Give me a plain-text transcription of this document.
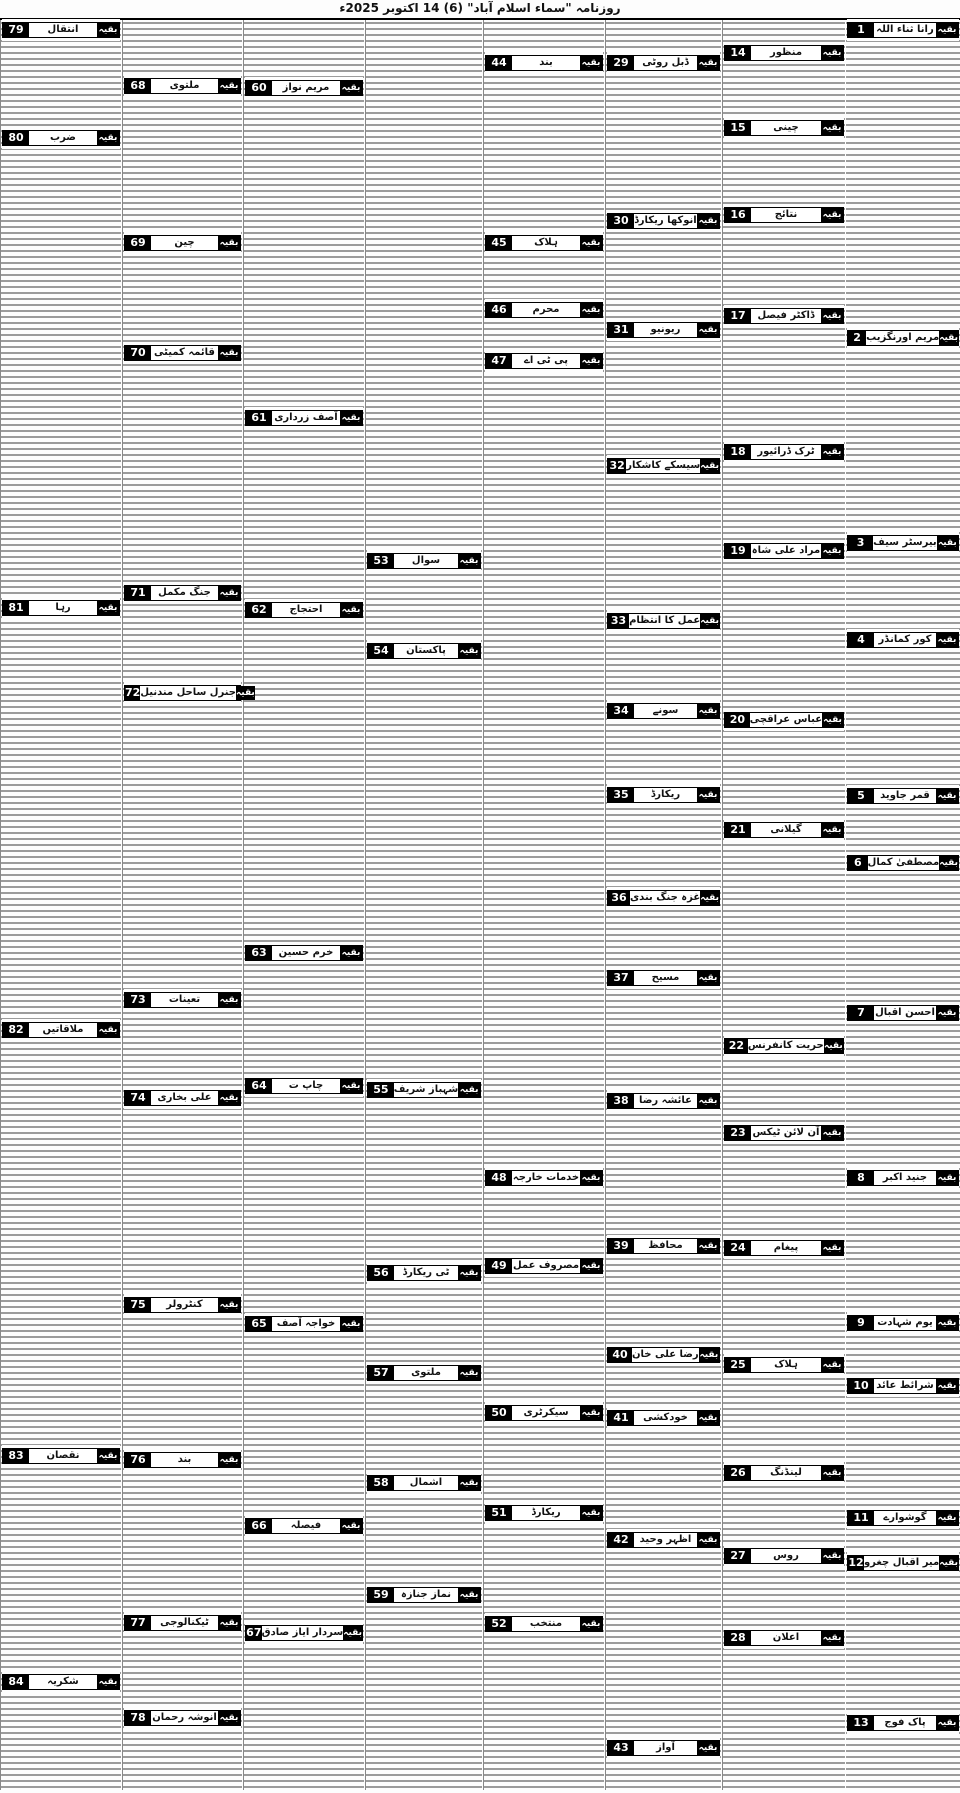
روزنامہ "سماء اسلام آباد" (6) 14 اکتوبر 2025ء
1	رانا ثناء اللہ بقیہ
2 مریم اورنگزیب بقیہ
3 بیرسٹر سیف بقیہ
4	کور کمانڈر بقیہ
5	قمر جاوید بقیہ
6 مصطفیٰ کمال بقیہ
7	احسن اقبال بقیہ
8	جنید اکبر	بقیہ
9	یوم شہادت بقیہ
10 شرائط عائد بقیہ
11	گوشوارے	بقیہ
12 میر اقبال چغرو بقیہ
13	پاک فوج	بقیہ
14	منظور	بقیہ
15	چینی	بقیہ
16	نتائج	بقیہ
17	ڈاکٹر فیصل بقیہ
18	ٹرک ڈرائیور بقیہ
19 مراد علی شاہ بقیہ
20 عباس عراقچی بقیہ
21	گیلانی	بقیہ
22 حریت کانفرنس بقیہ
23 آن لائن ٹیکس بقیہ
24	پیغام	بقیہ
25	ہلاک	بقیہ
26	لینڈنگ	بقیہ
27	روس	بقیہ
28	اعلان	بقیہ
29	ڈبل روٹی	بقیہ
30 انوکھا ریکارڈ بقیہ
31	ریونیو	بقیہ
32 سیسکے کاشکار بقیہ
33 عمل کا انتظام بقیہ
34	سونے	بقیہ
35	ریکارڈ	بقیہ
36 غزہ جنگ بندی بقیہ
37	مسیح	بقیہ
38	عائشہ رضا بقیہ
39	محافظ	بقیہ
40 رضا علی خان بقیہ
41	خودکشی	بقیہ
42	اظہر وحید بقیہ
43	آواز	بقیہ
44	بند	بقیہ
45	ہلاک	بقیہ
46	محرم	بقیہ
47	پی ٹی اے	بقیہ
48 خدمات خارجہ بقیہ
49 مصروف عمل بقیہ
50	سیکرٹری	بقیہ
51	ریکارڈ	بقیہ
52	منتخب	بقیہ
53	سوال	بقیہ
54	پاکستان	بقیہ
55 شہباز شریف بقیہ
56	ٹی ریکارڈ	بقیہ
57	ملتوی	بقیہ
58	اشمال	بقیہ
59	نماز جنازہ بقیہ
60	مریم نواز	بقیہ
61 آصف زرداری بقیہ
62	احتجاج	بقیہ
63	خرم حسین بقیہ
64	چاپ ت	بقیہ
65	خواجہ آصف بقیہ
66	فیصلہ	بقیہ
67 سردار ایاز صادق بقیہ
68	ملتوی	بقیہ
69	چین	بقیہ
70 قائمہ کمیٹی بقیہ
71	جنگ مکمل بقیہ
72 جنرل ساحل مندنیل بقیہ
73	تعینات	بقیہ
74	علی بخاری بقیہ
75	کنٹرولر	بقیہ
76	بند	بقیہ
77	ٹیکنالوجی	بقیہ
78 انوشہ رحمان بقیہ
79	انتقال	بقیہ
80	ضرب	بقیہ
81	رہا	بقیہ
82	ملاقاتیں	بقیہ
83	نقصان	بقیہ
84	شکریہ	بقیہ
